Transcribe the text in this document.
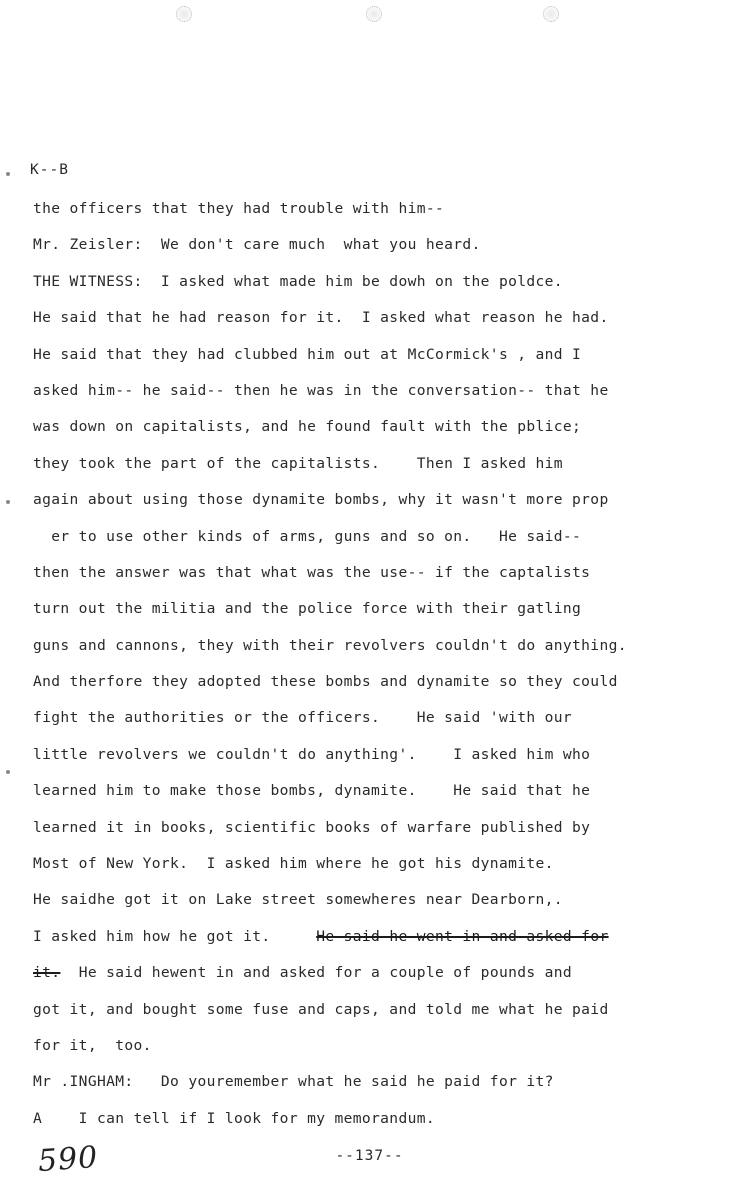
K--B
the officers that they had trouble with him--
Mr. Zeisler:  We don't care much  what you heard.
THE WITNESS:  I asked what made him be dowh on the poldce.
He said that he had reason for it.  I asked what reason he had.
He said that they had clubbed him out at McCormick's , and I
asked him-- he said-- then he was in the conversation-- that he
was down on capitalists, and he found fault with the pblice;
they took the part of the capitalists.    Then I asked him
again about using those dynamite bombs, why it wasn't more prop
er to use other kinds of arms, guns and so on.   He said--
then the answer was that what was the use-- if the captalists
turn out the militia and the police force with their gatling
guns and cannons, they with their revolvers couldn't do anything.
And therfore they adopted these bombs and dynamite so they could
fight the authorities or the officers.    He said 'with our
little revolvers we couldn't do anything'.    I asked him who
learned him to make those bombs, dynamite.    He said that he
learned it in books, scientific books of warfare published by
Most of New York.  I asked him where he got his dynamite.
He saidhe got it on Lake street somewheres near Dearborn,.
I asked him how he got it.     He said he went in and asked for
it.  He said hewent in and asked for a couple of pounds and
got it, and bought some fuse and caps, and told me what he paid
for it,  too.
Mr .INGHAM:   Do youremember what he said he paid for it?
A    I can tell if I look for my memorandum.
--137--
590
